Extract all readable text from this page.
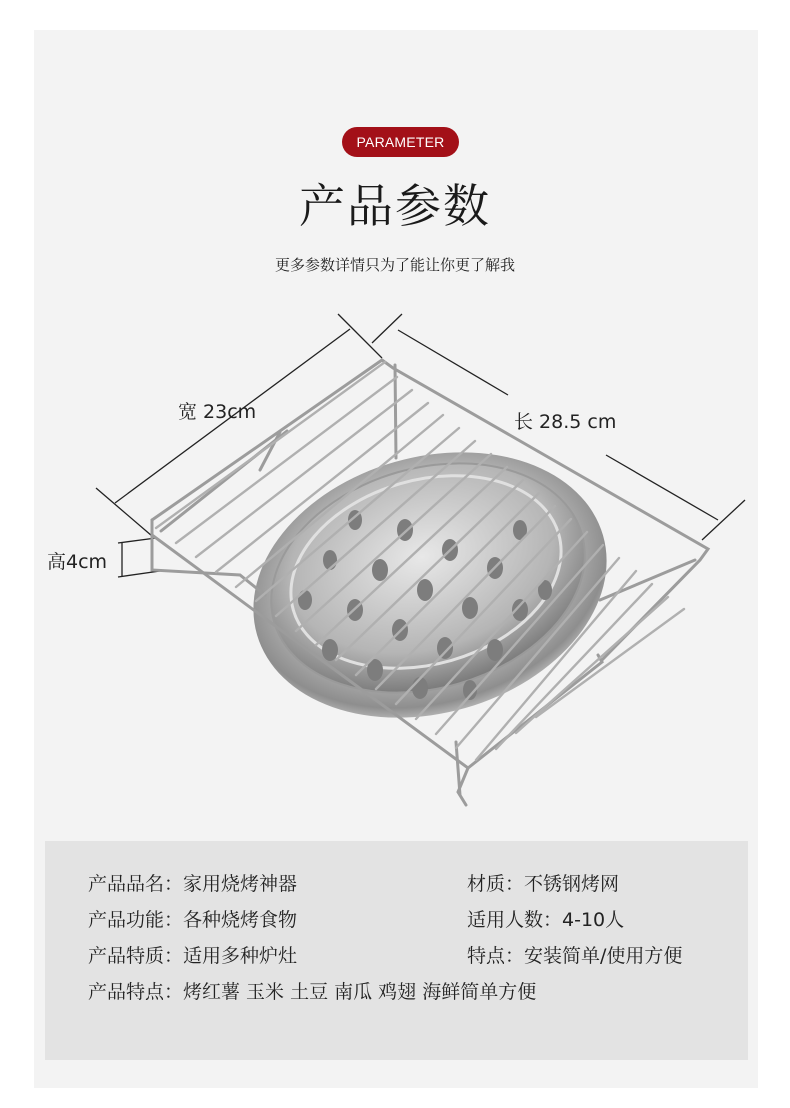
PARAMETER
产品参数
更多参数详情只为了能让你更了解我
宽 23cm	长 28.5 cm
高4cm
产品品名：家用烧烤神器	材质：不锈钢烤网
产品功能：各种烧烤食物	适用人数：4-10人
产品特质：适用多种炉灶	特点：安装简单/使用方便
产品特点：烤红薯 玉米 土豆 南瓜 鸡翅 海鲜简单方便
